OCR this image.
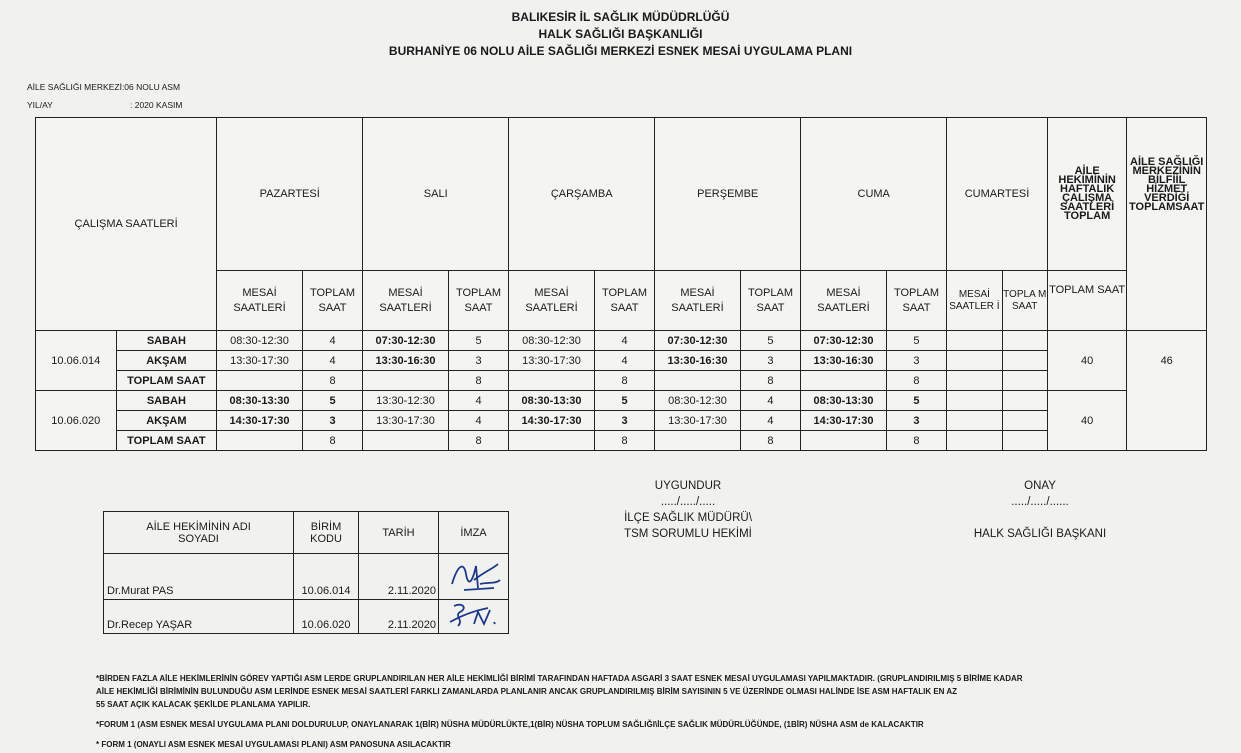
BALIKESİR İL SAĞLIK MÜDÜDRLÜĞÜ
HALK SAĞLIĞI BAŞKANLIĞI
BURHANİYE 06 NOLU AİLE SAĞLIĞI MERKEZİ ESNEK MESAİ UYGULAMA PLANI
AİLE SAĞLIĞI MERKEZİ:06 NOLU ASM
YIL/AY	: 2020 KASIM
ÇALIŞMA SAATLERİ		PAZARTESİ		SALI		ÇARŞAMBA		PERŞEMBE		CUMA		CUMARTESİ		AİLE HEKİMİNİN HAFTALIK ÇALIŞMA SAATLERİ TOPLAM	AİLE SAĞLIĞI MERKEZİNİN BİLFİİL HİZMET VERDİĞİ TOPLAMSAAT
		MESAİ SAATLERİ	TOPLAM SAAT	MESAİ SAATLERİ	TOPLAM SAAT	MESAİ SAATLERİ	TOPLAM SAAT	MESAİ SAATLERİ	TOPLAM SAAT	MESAİ SAATLERİ	TOPLAM SAAT	MESAİ SAATLER İ	TOPLA M SAAT	TOPLAM SAAT	
10.06.014	SABAH	08:30-12:30	4	07:30-12:30	5	08:30-12:30	4	07:30-12:30	5	07:30-12:30	5			40	46
	AKŞAM	13:30-17:30	4	13:30-16:30	3	13:30-17:30	4	13:30-16:30	3	13:30-16:30	3				
	TOPLAM SAAT		8		8		8		8		8				
10.06.020	SABAH	08:30-13:30	5	13:30-12:30	4	08:30-13:30	5	08:30-12:30	4	08:30-13:30	5			40	
	AKŞAM	14:30-17:30	3	13:30-17:30	4	14:30-17:30	3	13:30-17:30	4	14:30-17:30	3				
	TOPLAM SAAT		8		8		8		8		8				
AİLE HEKİMİNİN ADI SOYADI	BİRİM KODU	TARİH	İMZA
Dr.Murat PAS	10.06.014	2.11.2020	
Dr.Recep YAŞAR	10.06.020	2.11.2020	
UYGUNDUR
...../...../.....
İLÇE SAĞLIK MÜDÜRÜ\
TSM SORUMLU HEKİMİ
ONAY
...../...../......
HALK SAĞLIĞI BAŞKANI
*BİRDEN FAZLA AİLE HEKİMLERİNİN GÖREV YAPTIĞI ASM LERDE GRUPLANDIRILAN HER AİLE HEKİMLİĞİ BİRİMİ TARAFINDAN HAFTADA ASGARİ 3 SAAT ESNEK MESAİ UYGULAMASI YAPILMAKTADIR. (GRUPLANDIRILMIŞ 5 BİRİME KADAR
AİLE HEKİMLİĞİ BİRİMİNİN BULUNDUĞU ASM LERİNDE ESNEK MESAİ SAATLERİ FARKLI ZAMANLARDA PLANLANIR ANCAK GRUPLANDIRILMIŞ BİRİM SAYISININ 5 VE ÜZERİNDE OLMASI HALİNDE İSE ASM HAFTALIK EN AZ
55 SAAT AÇIK KALACAK ŞEKİLDE PLANLAMA YAPILIR.
*FORUM 1 (ASM ESNEK MESAİ UYGULAMA PLANI DOLDURULUP, ONAYLANARAK 1(BİR) NÜSHA MÜDÜRLÜKTE,1(BİR) NÜSHA TOPLUM SAĞLIĞI\İLÇE SAĞLIK MÜDÜRLÜĞÜNDE, (1BİR) NÜSHA ASM de KALACAKTIR
* FORM 1 (ONAYLI ASM ESNEK MESAİ UYGULAMASI PLANI) ASM PANOSUNA ASILACAKTIR
